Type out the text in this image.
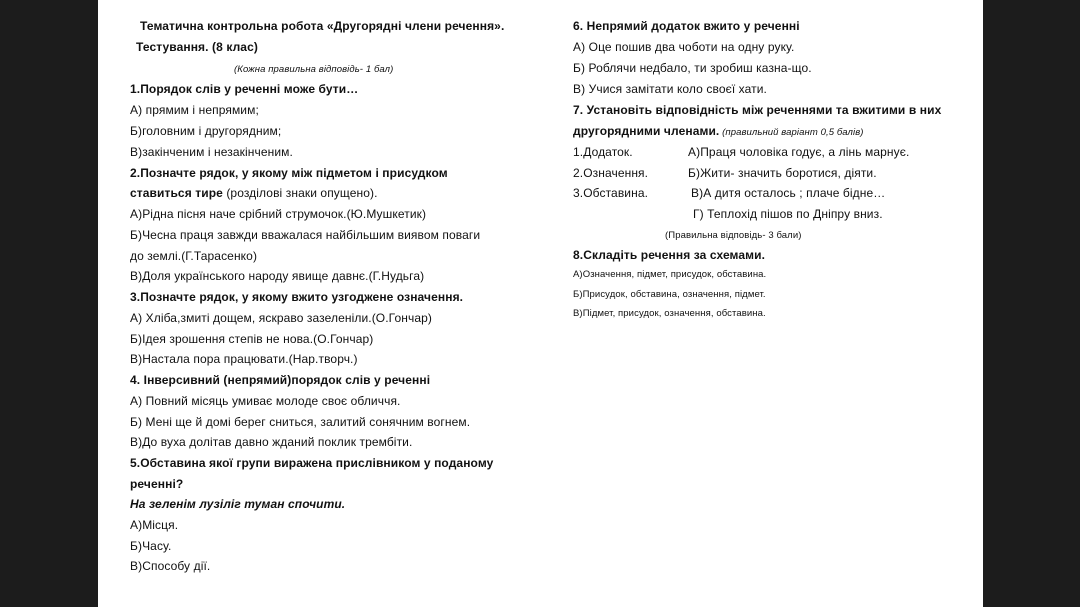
Тематична контрольна робота «Другорядні члени речення».
Тестування. (8 клас)
(Кожна правильна відповідь- 1 бал)
1.Порядок слів у реченні може бути…
А) прямим і непрямим;
Б)головним і другорядним;
В)закінченим і незакінченим.
2.Позначте рядок, у якому між підметом і присудком
ставиться тире (розділові знаки опущено).
А)Рідна пісня наче срібний струмочок.(Ю.Мушкетик)
Б)Чесна праця завжди вважалася найбільшим виявом поваги
до землі.(Г.Тарасенко)
В)Доля українського народу явище давнє.(Г.Нудьга)
3.Позначте рядок, у якому вжито узгоджене означення.
А) Хліба,змиті дощем, яскраво зазеленіли.(О.Гончар)
Б)Ідея зрошення степів не нова.(О.Гончар)
В)Настала пора працювати.(Нар.творч.)
4. Інверсивний (непрямий)порядок слів у реченні
А) Повний місяць умиває молоде своє обличчя.
Б) Мені ще й домі берег сниться, залитий сонячним вогнем.
В)До вуха долітав давно жданий поклик трембіти.
5.Обставина якої групи виражена прислівником у поданому
реченні?
На зеленім лузіліг туман спочити.
А)Місця.
Б)Часу.
В)Способу дії.
6. Непрямий додаток вжито у реченні
А) Оце пошив два чоботи на одну руку.
Б) Роблячи недбало, ти зробиш казна-що.
В) Учися замітати коло своєї хати.
7. Установіть відповідність між реченнями та вжитими в них
другорядними членами. (правильний варіант 0,5 балів)
1.Додаток.	А)Праця чоловіка годує, а лінь марнує.
2.Означення.	Б)Жити- значить боротися, діяти.
3.Обставина.	В)А дитя осталось ; плаче бідне…
Г) Теплохід пішов по Дніпру вниз.
(Правильна відповідь- 3 бали)
8.Складіть речення за схемами.
А)Означення, підмет, присудок, обставина.
Б)Присудок, обставина, означення, підмет.
В)Підмет, присудок, означення, обставина.
